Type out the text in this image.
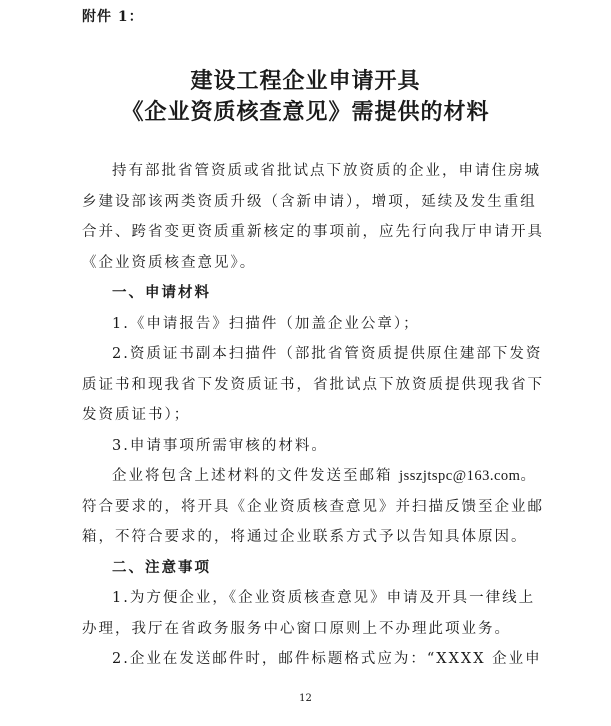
附件 1：
建设工程企业申请开具
《企业资质核查意见》需提供的材料
持有部批省管资质或省批试点下放资质的企业，申请住房城
乡建设部该两类资质升级（含新申请），增项，延续及发生重组
合并、跨省变更资质重新核定的事项前，应先行向我厅申请开具
《企业资质核查意见》。
一、申请材料
1.《申请报告》扫描件（加盖企业公章）；
2.资质证书副本扫描件（部批省管资质提供原住建部下发资
质证书和现我省下发资质证书，省批试点下放资质提供现我省下
发资质证书）；
3.申请事项所需审核的材料。
企业将包含上述材料的文件发送至邮箱 jsszjtspc@163.com。
符合要求的，将开具《企业资质核查意见》并扫描反馈至企业邮
箱，不符合要求的，将通过企业联系方式予以告知具体原因。
二、注意事项
1.为方便企业，《企业资质核查意见》申请及开具一律线上
办理，我厅在省政务服务中心窗口原则上不办理此项业务。
2.企业在发送邮件时，邮件标题格式应为：“XXXX 企业申
12
